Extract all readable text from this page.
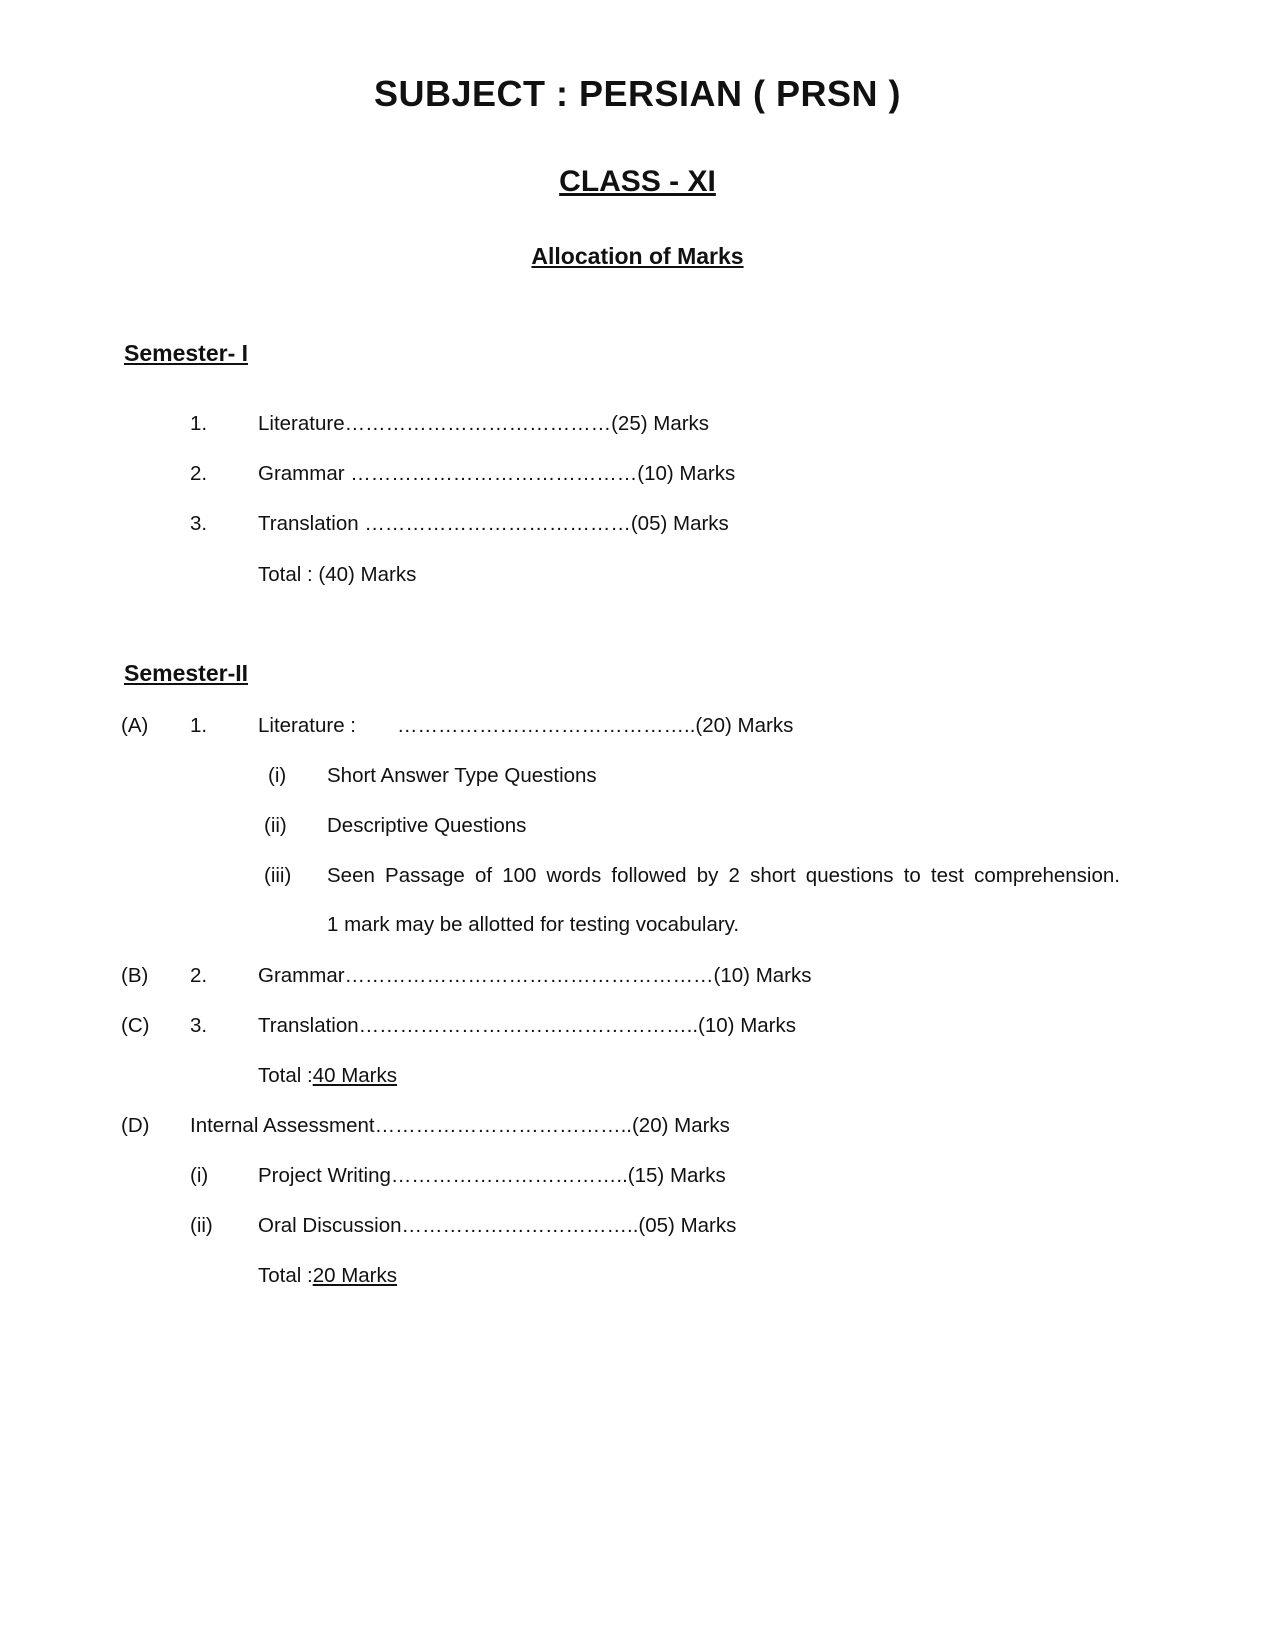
SUBJECT : PERSIAN ( PRSN )
CLASS - XI
Allocation of Marks
Semester- I
1. Literature…………………………………(25) Marks
2. Grammar ……………………………………(10) Marks
3. Translation …………………………………(05) Marks
Total : (40) Marks
Semester-II
(A) 1. Literature : ……………………………………..(20) Marks
(i) Short Answer Type Questions
(ii) Descriptive Questions
(iii) Seen Passage of 100 words followed by 2 short questions to test comprehension.
1 mark may be allotted for testing vocabulary.
(B) 2. Grammar………………………………………………(10) Marks
(C) 3. Translation…………………………………………..(10) Marks
Total :40 Marks
(D) Internal Assessment………………………………..(20) Marks
(i) Project Writing……………………………..(15) Marks
(ii) Oral Discussion……………………………..(05) Marks
Total :20 Marks
